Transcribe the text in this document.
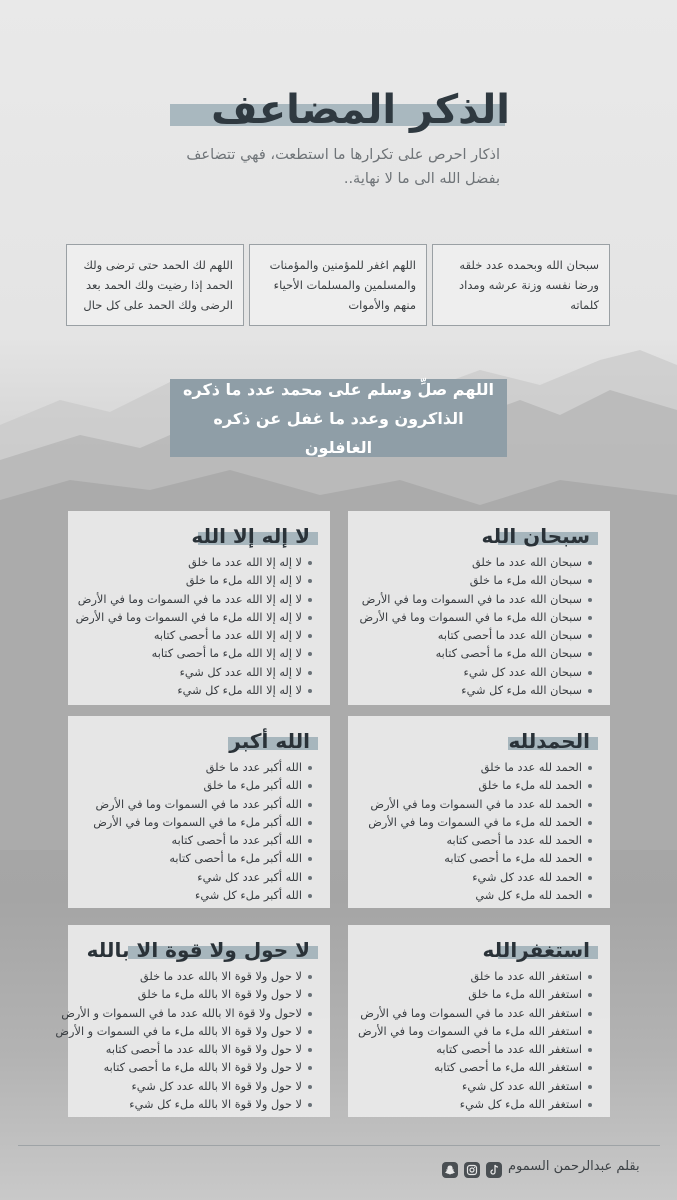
الذكر المضاعف
اذكار احرص على تكرارها ما استطعت، فهي تتضاعف بفضل الله الى ما لا نهاية..
سبحان الله وبحمده عدد خلقه ورضا نفسه وزنة عرشه ومداد كلماته
اللهم اغفر للمؤمنين والمؤمنات والمسلمين والمسلمات الأحياء منهم والأموات
اللهم لك الحمد حتى ترضى ولك الحمد إذا رضيت ولك الحمد بعد الرضى ولك الحمد على كل حال
اللهم صلِّ وسلم على محمد عدد ما ذكره الذاكرون وعدد ما غفل عن ذكره الغافلون
سبحان الله
سبحان الله عدد ما خلق
سبحان الله ملء ما خلق
سبحان الله عدد ما في السموات وما في الأرض
سبحان الله ملء ما في السموات وما في الأرض
سبحان الله عدد ما أحصى كتابه
سبحان الله ملء ما أحصى كتابه
سبحان الله عدد كل شيء
سبحان الله ملء كل شيء
لا إله إلا الله
لا إله إلا الله عدد ما خلق
لا إله إلا الله ملء ما خلق
لا إله إلا الله عدد ما في السموات وما في الأرض
لا إله إلا الله ملء ما في السموات وما في الأرض
لا إله إلا الله عدد ما أحصى كتابه
لا إله إلا الله ملء ما أحصى كتابه
لا إله إلا الله عدد كل شيء
لا إله إلا الله ملء كل شيء
الحمدلله
الحمد لله عدد ما خلق
الحمد لله ملء ما خلق
الحمد لله عدد ما في السموات وما في الأرض
الحمد لله ملء ما في السموات وما في الأرض
الحمد لله عدد ما أحصى كتابه
الحمد لله ملء ما أحصى كتابه
الحمد لله عدد كل شيء
الحمد لله ملء كل شي
الله أكبر
الله أكبر عدد ما خلق
الله أكبر ملء ما خلق
الله أكبر عدد ما في السموات وما في الأرض
الله أكبر ملء ما في السموات وما في الأرض
الله أكبر عدد ما أحصى كتابه
الله أكبر ملء ما أحصى كتابه
الله أكبر عدد كل شيء
الله أكبر ملء كل شيء
استغفرالله
استغفر الله عدد ما خلق
استغفر الله ملء ما خلق
استغفر الله عدد ما في السموات وما في الأرض
استغفر الله ملء ما في السموات وما في الأرض
استغفر الله عدد ما أحصى كتابه
استغفر الله ملء ما أحصى كتابه
استغفر الله عدد كل شيء
استغفر الله ملء كل شيء
لا حول ولا قوة الا بالله
لا حول ولا قوة الا بالله عدد ما خلق
لا حول ولا قوة الا بالله ملء ما خلق
لاحول ولا قوة الا بالله عدد ما في السموات و الأرض
لا حول ولا قوة الا بالله ملء ما في السموات و الأرض
لا حول ولا قوة الا بالله عدد ما أحصى كتابه
لا حول ولا قوة الا بالله ملء ما أحصى كتابه
لا حول ولا قوة الا بالله عدد كل شيء
لا حول ولا قوة الا بالله ملء كل شيء
بقلم عبدالرحمن السموم
